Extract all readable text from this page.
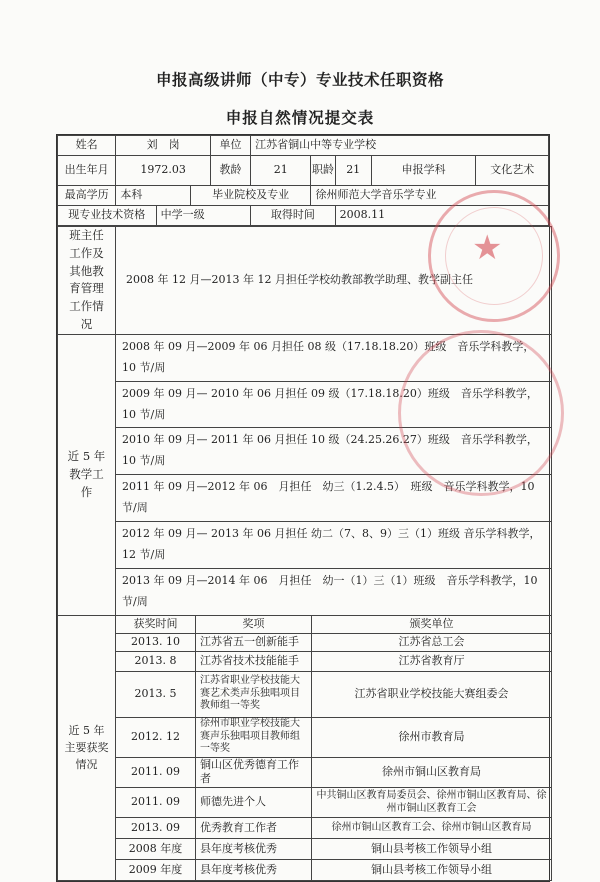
申报高级讲师（中专）专业技术任职资格
申报自然情况提交表
姓名	刘　岗			单位	江苏省铜山中等专业学校				
出生年月	1972.03			教龄	21	职龄	21	申报学科	文化艺术
最高学历	本科		毕业院校及专业			徐州师范大学音乐学专业			
现专业技术资格		中学一级			取得时间		2008.11		
班主任工作及其他教育管理工作情况	2008 年 12 月—2013 年 12 月担任学校幼教部教学助理、教学副主任		
近 5 年教学工作	2008 年 09 月—2009 年 06 月担任 08 级（17.18.18.20）班级　音乐学科教学，10 节/周		
	2009 年 09 月— 2010 年 06 月担任 09 级（17.18.18.20）班级　音乐学科教学，10 节/周		
	2010 年 09 月— 2011 年 06 月担任 10 级（24.25.26.27）班级　音乐学科教学，10 节/周		
	2011 年 09 月—2012 年 06　月担任　幼三（1.2.4.5）　班级　音乐学科教学，10 节/周		
	2012 年 09 月— 2013 年 06 月担任 幼二（7、8、9）三（1）班级 音乐学科教学，　12 节/周		
	2013 年 09 月—2014 年 06　月担任　幼一（1）三（1）班级　音乐学科教学，10 节/周		
近 5 年主要获奖情况	获奖时间	奖项	颁奖单位
	2013. 10	江苏省五一创新能手	江苏省总工会
	2013. 8	江苏省技术技能能手	江苏省教育厅
	2013. 5	江苏省职业学校技能大赛艺术类声乐独唱项目教师组一等奖	江苏省职业学校技能大赛组委会
	2012. 12	徐州市职业学校技能大赛声乐独唱项目教师组一等奖	徐州市教育局
	2011. 09	铜山区优秀德育工作者	徐州市铜山区教育局
	2011. 09	师德先进个人	中共铜山区教育局委员会、徐州市铜山区教育局、徐州市铜山区教育工会
	2013. 09	优秀教育工作者	徐州市铜山区教育工会、徐州市铜山区教育局
	2008 年度	县年度考核优秀	铜山县考核工作领导小组
	2009 年度	县年度考核优秀	铜山县考核工作领导小组
★
